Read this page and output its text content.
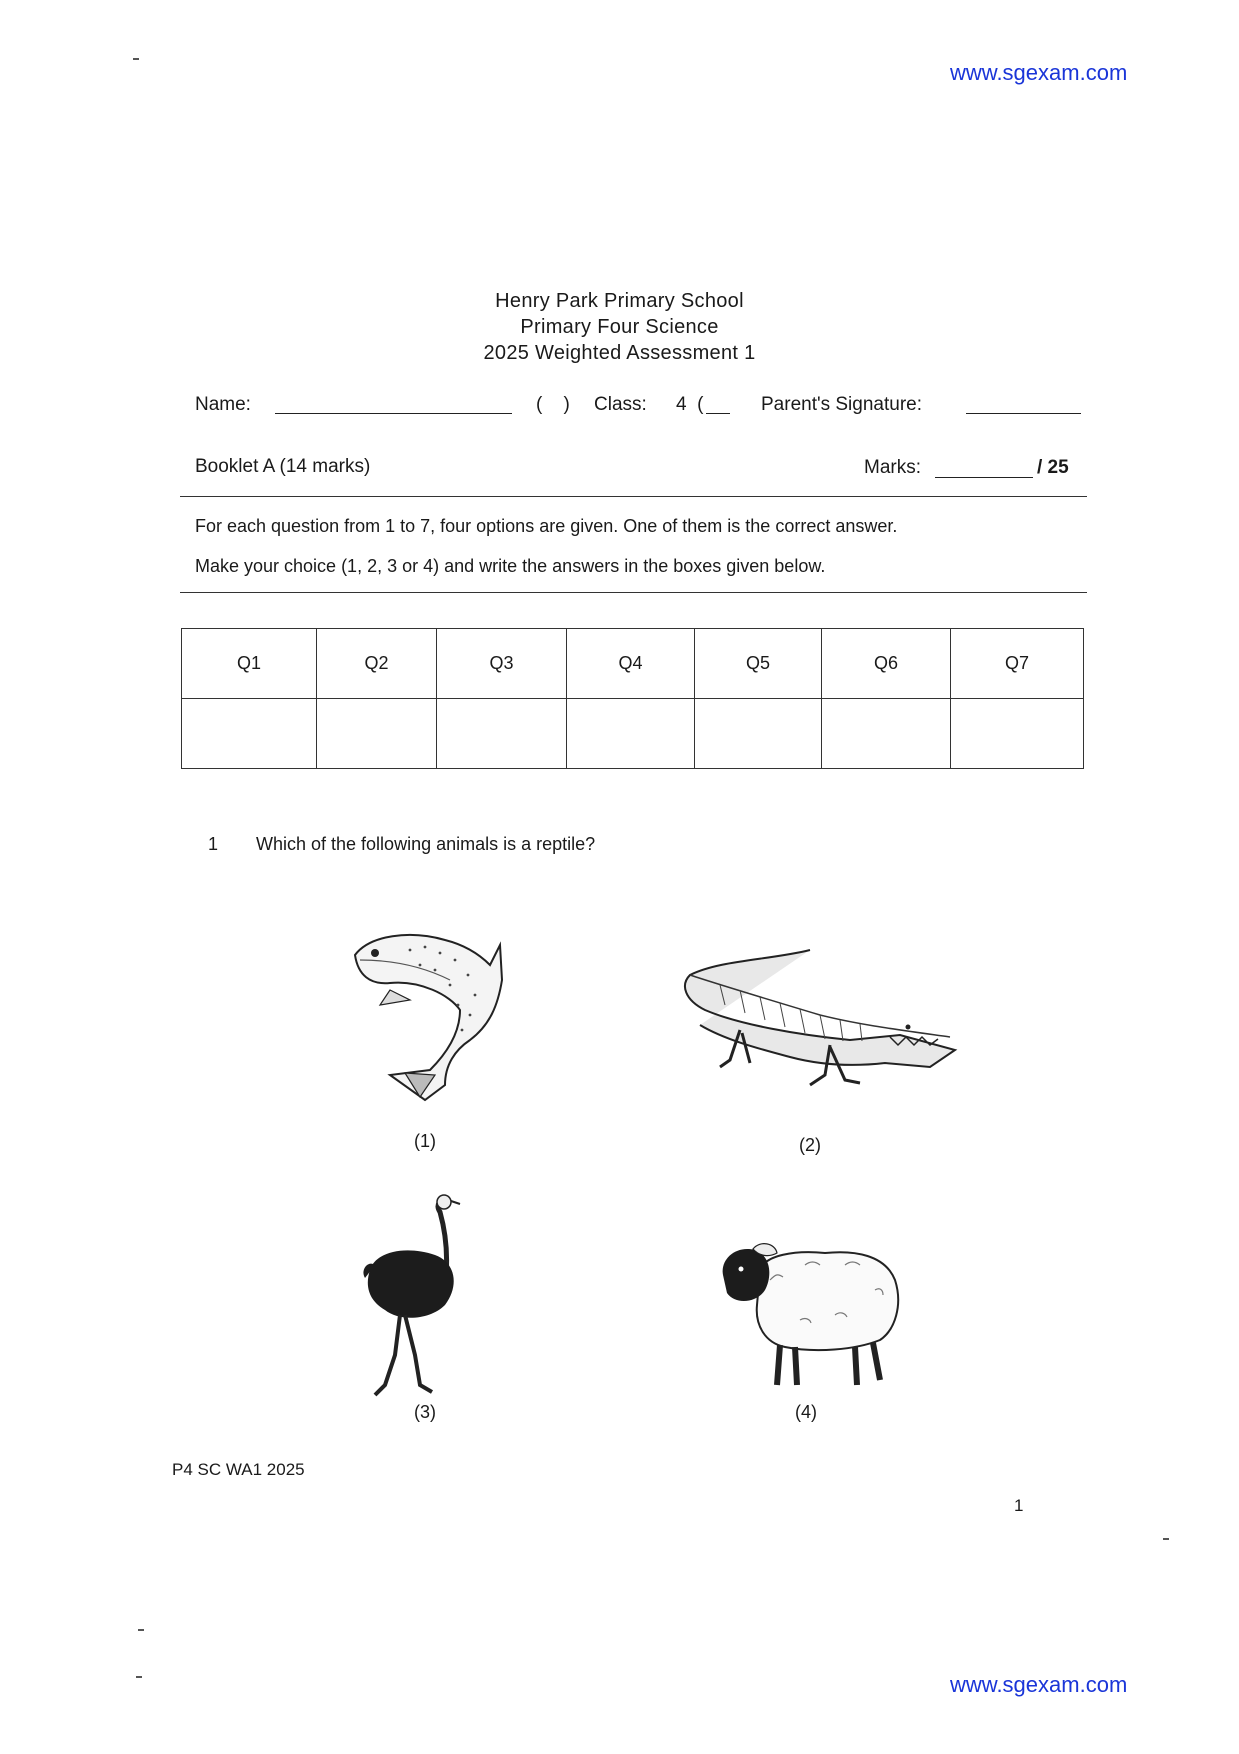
www.sgexam.com
Henry Park Primary School
Primary Four Science
2025 Weighted Assessment 1
Name:	(    ) Class: 4  (	Parent's Signature:
Booklet A (14 marks)	Marks:	/ 25
For each question from 1 to 7, four options are given. One of them is the correct answer.
Make your choice (1, 2, 3 or 4) and write the answers in the boxes given below.
Q1	Q2	Q3	Q4	Q5	Q6	Q7

1 Which of the following animals is a reptile?
(1)	(2)
(3)	(4)
P4 SC WA1 2025
1
www.sgexam.com
